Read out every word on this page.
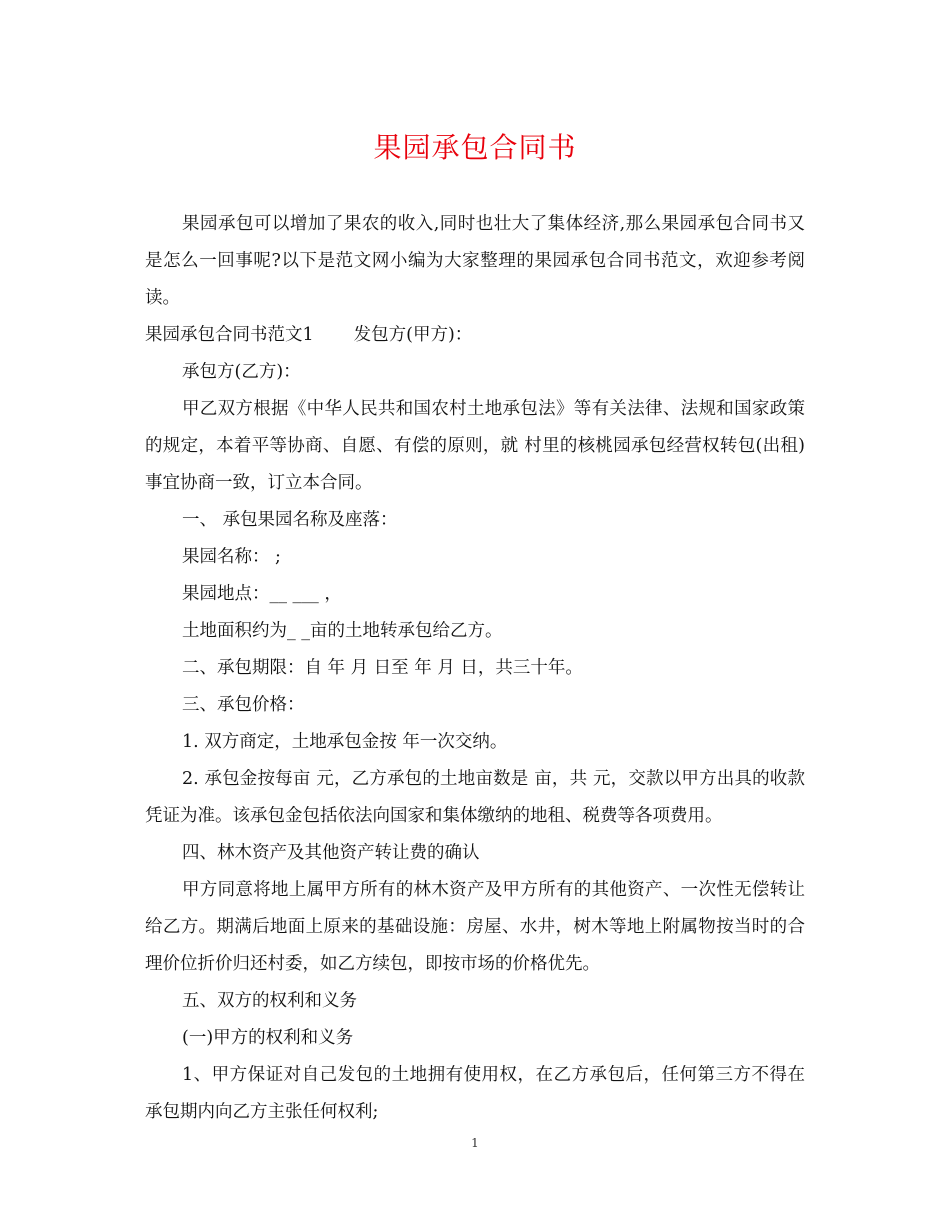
果园承包合同书

果园承包可以增加了果农的收入,同时也壮大了集体经济,那么果园承包合同书又是怎么一回事呢?以下是范文网小编为大家整理的果园承包合同书范文，欢迎参考阅读。

果园承包合同书范文1 发包方(甲方)：

承包方(乙方)：

甲乙双方根据《中华人民共和国农村土地承包法》等有关法律、法规和国家政策的规定，本着平等协商、自愿、有偿的原则，就 村里的核桃园承包经营权转包(出租)事宜协商一致，订立本合同。

一、 承包果园名称及座落：

果园名称： ;

果园地点：__ ___ ，

土地面积约为_ _亩的土地转承包给乙方。

二、承包期限：自 年 月 日至 年 月 日，共三十年。

三、承包价格：

1. 双方商定，土地承包金按 年一次交纳。

2. 承包金按每亩 元，乙方承包的土地亩数是 亩，共 元，交款以甲方出具的收款凭证为准。该承包金包括依法向国家和集体缴纳的地租、税费等各项费用。

四、林木资产及其他资产转让费的确认

甲方同意将地上属甲方所有的林木资产及甲方所有的其他资产、一次性无偿转让给乙方。期满后地面上原来的基础设施：房屋、水井，树木等地上附属物按当时的合理价位折价归还村委，如乙方续包，即按市场的价格优先。

五、双方的权利和义务

(一)甲方的权利和义务

1、甲方保证对自己发包的土地拥有使用权，在乙方承包后，任何第三方不得在承包期内向乙方主张任何权利;

1
